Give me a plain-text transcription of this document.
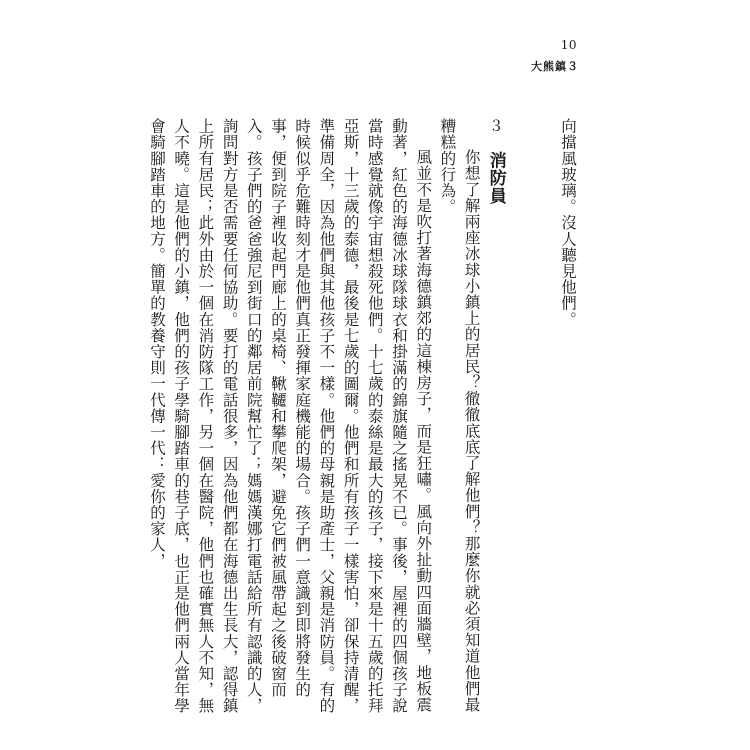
10
大熊鎮３

向擋風玻璃。沒人聽見他們。

３消防員

你想了解兩座冰球小鎮上的居民？徹徹底底了解他們？那麼你就必須知道他們最糟糕的行為。

風並不是吹打著海德鎮郊的這棟房子，而是狂嘯。風向外扯動四面牆壁，地板震動著，紅色的海德冰球隊球衣和掛滿的錦旗隨之搖晃不已。事後，屋裡的四個孩子說當時感覺就像宇宙想殺死他們。十七歲的泰絲是最大的孩子，接下來是十五歲的托拜亞斯，十三歲的泰德，最後是七歲的圖爾。他們和所有孩子一樣害怕，卻保持清醒，準備周全，因為他們與其他孩子不一樣。他們的母親是助產士，父親是消防員。有的時候似乎危難時刻才是他們真正發揮家庭機能的場合。孩子們一意識到即將發生的事，便到院子裡收起門廊上的桌椅、鞦韆和攀爬架，避免它們被風帶起之後破窗而入。孩子們的爸爸強尼到街口的鄰居前院幫忙了；媽媽漢娜打電話給所有認識的人，詢問對方是否需要任何協助。要打的電話很多，因為他們都在海德出生長大，認得鎮上所有居民；此外由於一個在消防隊工作，另一個在醫院，他們也確實無人不知，無人不曉。這是他們的小鎮，他們的孩子學騎腳踏車的巷子底，也正是他們兩人當年學會騎腳踏車的地方。簡單的教養守則一代傳一代：愛你的家人，
